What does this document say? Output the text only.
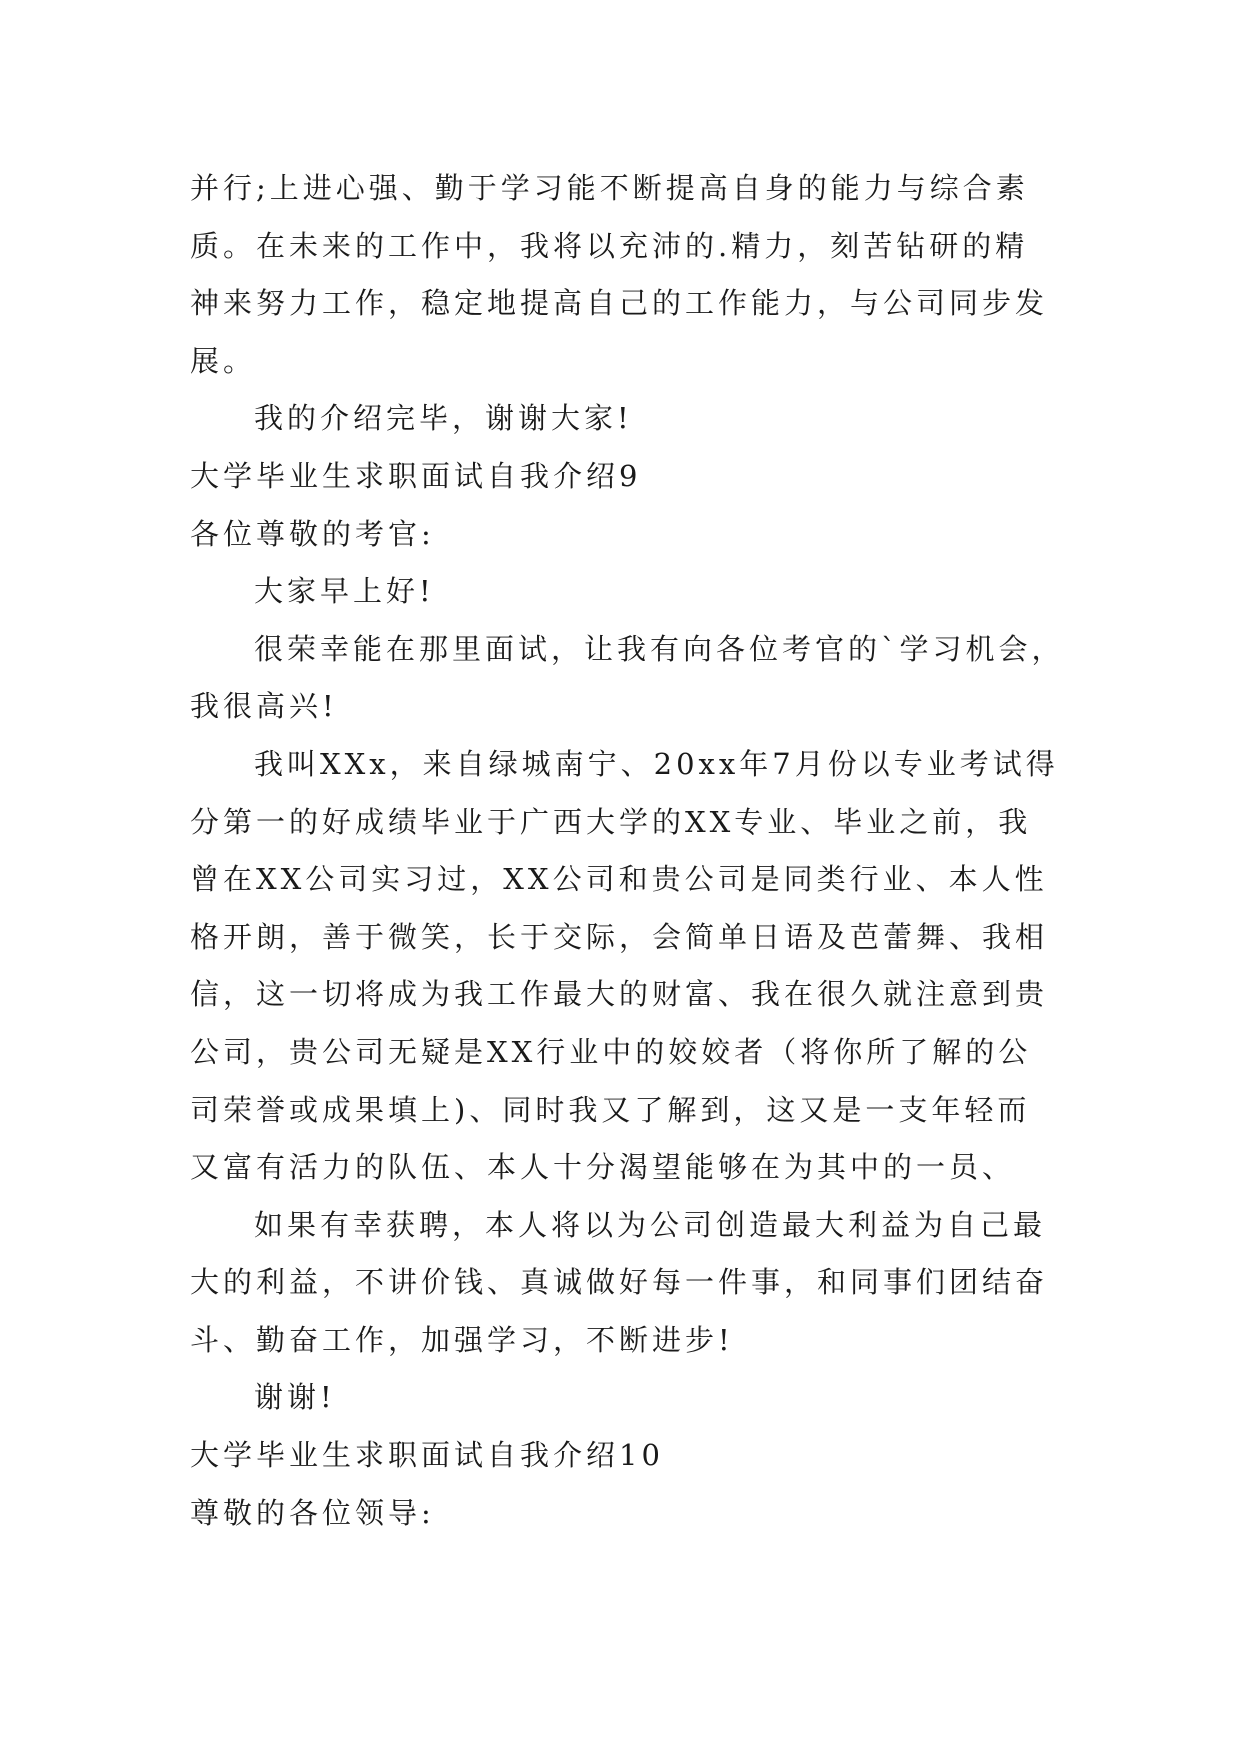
并行;上进心强、勤于学习能不断提高自身的能力与综合素
质。在未来的工作中，我将以充沛的.精力，刻苦钻研的精
神来努力工作，稳定地提高自己的工作能力，与公司同步发
展。
我的介绍完毕，谢谢大家!
大学毕业生求职面试自我介绍9
各位尊敬的考官:
大家早上好!
很荣幸能在那里面试，让我有向各位考官的`学习机会，
我很高兴!
我叫XXx，来自绿城南宁、20xx年7月份以专业考试得
分第一的好成绩毕业于广西大学的XX专业、毕业之前，我
曾在XX公司实习过，XX公司和贵公司是同类行业、本人性
格开朗，善于微笑，长于交际，会简单日语及芭蕾舞、我相
信，这一切将成为我工作最大的财富、我在很久就注意到贵
公司，贵公司无疑是XX行业中的姣姣者（将你所了解的公
司荣誉或成果填上)、同时我又了解到，这又是一支年轻而
又富有活力的队伍、本人十分渴望能够在为其中的一员、
如果有幸获聘，本人将以为公司创造最大利益为自己最
大的利益，不讲价钱、真诚做好每一件事，和同事们团结奋
斗、勤奋工作，加强学习，不断进步!
谢谢!
大学毕业生求职面试自我介绍10
尊敬的各位领导:
